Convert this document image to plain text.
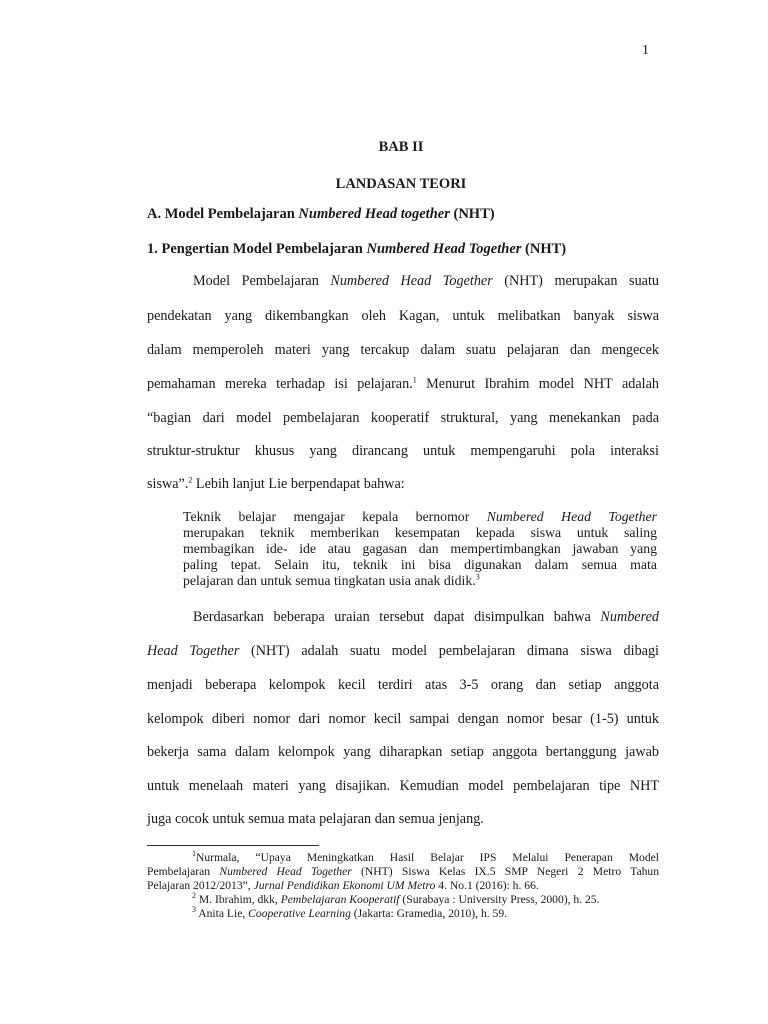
1
BAB II
LANDASAN TEORI
A. Model Pembelajaran Numbered Head together (NHT)
1. Pengertian Model Pembelajaran Numbered Head Together (NHT)
Model Pembelajaran Numbered Head Together (NHT) merupakan suatu
pendekatan yang dikembangkan oleh Kagan, untuk melibatkan banyak siswa
dalam memperoleh materi yang tercakup dalam suatu pelajaran dan mengecek
pemahaman mereka terhadap isi pelajaran.$^1$ Menurut Ibrahim model NHT adalah
“bagian dari model pembelajaran kooperatif struktural, yang menekankan pada
struktur-struktur khusus yang dirancang untuk mempengaruhi pola interaksi
siswa”.$^2$ Lebih lanjut Lie berpendapat bahwa:
Teknik belajar mengajar kepala bernomor Numbered Head Together
merupakan teknik memberikan kesempatan kepada siswa untuk saling
membagikan ide- ide atau gagasan dan mempertimbangkan jawaban yang
paling tepat. Selain itu, teknik ini bisa digunakan dalam semua mata
pelajaran dan untuk semua tingkatan usia anak didik.$^3$
Berdasarkan beberapa uraian tersebut dapat disimpulkan bahwa Numbered
Head Together (NHT) adalah suatu model pembelajaran dimana siswa dibagi
menjadi beberapa kelompok kecil terdiri atas 3-5 orang dan setiap anggota
kelompok diberi nomor dari nomor kecil sampai dengan nomor besar (1-5) untuk
bekerja sama dalam kelompok yang diharapkan setiap anggota bertanggung jawab
untuk menelaah materi yang disajikan. Kemudian model pembelajaran tipe NHT
juga cocok untuk semua mata pelajaran dan semua jenjang.
$^1$Nurmala, “Upaya Meningkatkan Hasil Belajar IPS Melalui Penerapan Model
Pembelajaran Numbered Head Together (NHT) Siswa Kelas IX.5 SMP Negeri 2 Metro Tahun
Pelajaran 2012/2013”, Jurnal Pendidikan Ekonomi UM Metro 4. No.1 (2016): h. 66.
$^2$ M. Ibrahim, dkk, Pembelajaran Kooperatif (Surabaya : University Press, 2000), h. 25.
$^3$ Anita Lie, Cooperative Learning (Jakarta: Gramedia, 2010), h. 59.
